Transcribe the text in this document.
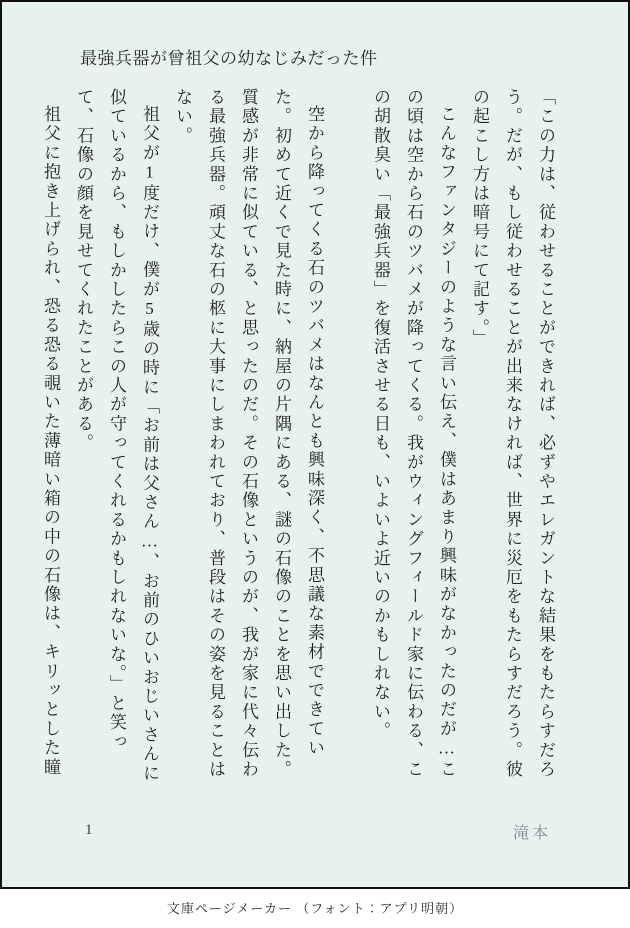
最強兵器が曾祖父の幼なじみだった件

「この力は、従わせることができれば、必ずやエレガントな結果をもたらすだろう。だが、もし従わせることが出来なければ、世界に災厄をもたらすだろう。彼の起こし方は暗号にて記す。」

こんなファンタジーのような言い伝え、僕はあまり興味がなかったのだが…この頃は空から石のツバメが降ってくる。我がウィングフィールド家に伝わる、この胡散臭い「最強兵器」を復活させる日も、いよいよ近いのかもしれない。

空から降ってくる石のツバメはなんとも興味深く、不思議な素材でできていた。初めて近くで見た時に、納屋の片隅にある、謎の石像のことを思い出した。質感が非常に似ている、と思ったのだ。その石像というのが、我が家に代々伝わる最強兵器。頑丈な石の柩に大事にしまわれており、普段はその姿を見ることはない。

祖父が1度だけ、僕が5歳の時に「お前は父さん…、お前のひいおじいさんに似ているから、もしかしたらこの人が守ってくれるかもしれないな。」と笑って、石像の顔を見せてくれたことがある。

祖父に抱き上げられ、恐る恐る覗いた薄暗い箱の中の石像は、キリッとした瞳

1	滝本
文庫ページメーカー （フォント：アプリ明朝）
